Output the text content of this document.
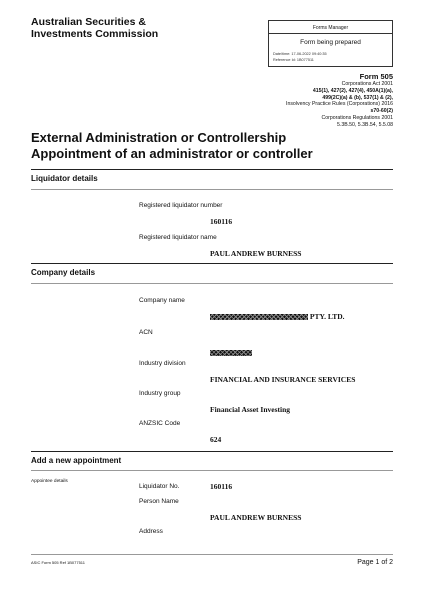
Australian Securities &
Investments Commission	Forms Manager
Form being prepared
Date/time: 17-06-2022 09:40:35
Reference Id: 1B077511
Form 505
Corporations Act 2001
415(1), 427(2), 427(4), 450A(1)(a),
499(2C)(a) & (b), 537(1) & (2),
Insolvency Practice Rules (Corporations) 2016
s70-60(2)
Corporations Regulations 2001
5.3B.50, 5.3B.54, 5.5.08
External Administration or Controllership
Appointment of an administrator or controller
Liquidator details
Registered liquidator number
160116
Registered liquidator name
PAUL ANDREW BURNESS
Company details
Company name
PTY. LTD.
ACN
Industry division
FINANCIAL AND INSURANCE SERVICES
Industry group
Financial Asset Investing
ANZSIC Code
624
Add a new appointment
Appointee details
Liquidator No.	160116
Person Name
PAUL ANDREW BURNESS
Address
ASIC Form 505 Ref 1B077511	Page 1 of 2
